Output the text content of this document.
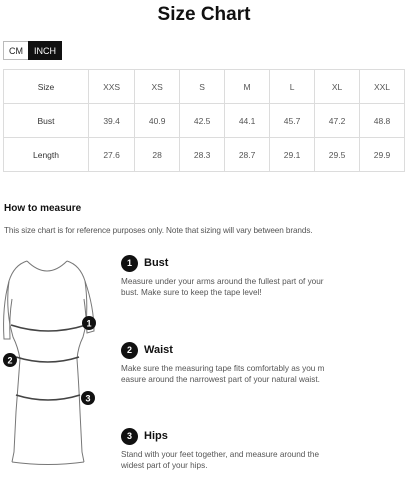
Size Chart
CM	INCH
Size	XXS	XS	S	M	L	XL	XXL
Bust	39.4	40.9	42.5	44.1	45.7	47.2	48.8
Length	27.6	28	28.3	28.7	29.1	29.5	29.9
How to measure
This size chart is for reference purposes only. Note that sizing will vary between brands.
1
2
3
1	Bust
Measure under your arms around the fullest part of your
bust. Make sure to keep the tape level!
2	Waist
Make sure the measuring tape fits comfortably as you m
easure around the narrowest part of your natural waist.
3	Hips
Stand with your feet together, and measure around the
widest part of your hips.
